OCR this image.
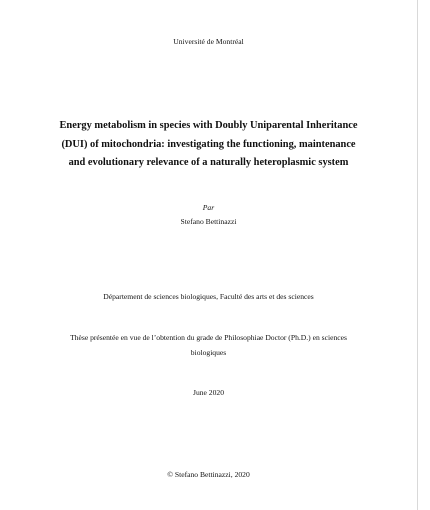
Université de Montréal
Energy metabolism in species with Doubly Uniparental Inheritance
(DUI) of mitochondria: investigating the functioning, maintenance
and evolutionary relevance of a naturally heteroplasmic system
Par
Stefano Bettinazzi
Département de sciences biologiques, Faculté des arts et des sciences
Thèse présentée en vue de l’obtention du grade de Philosophiae Doctor (Ph.D.) en sciences
biologiques
June 2020
© Stefano Bettinazzi, 2020
